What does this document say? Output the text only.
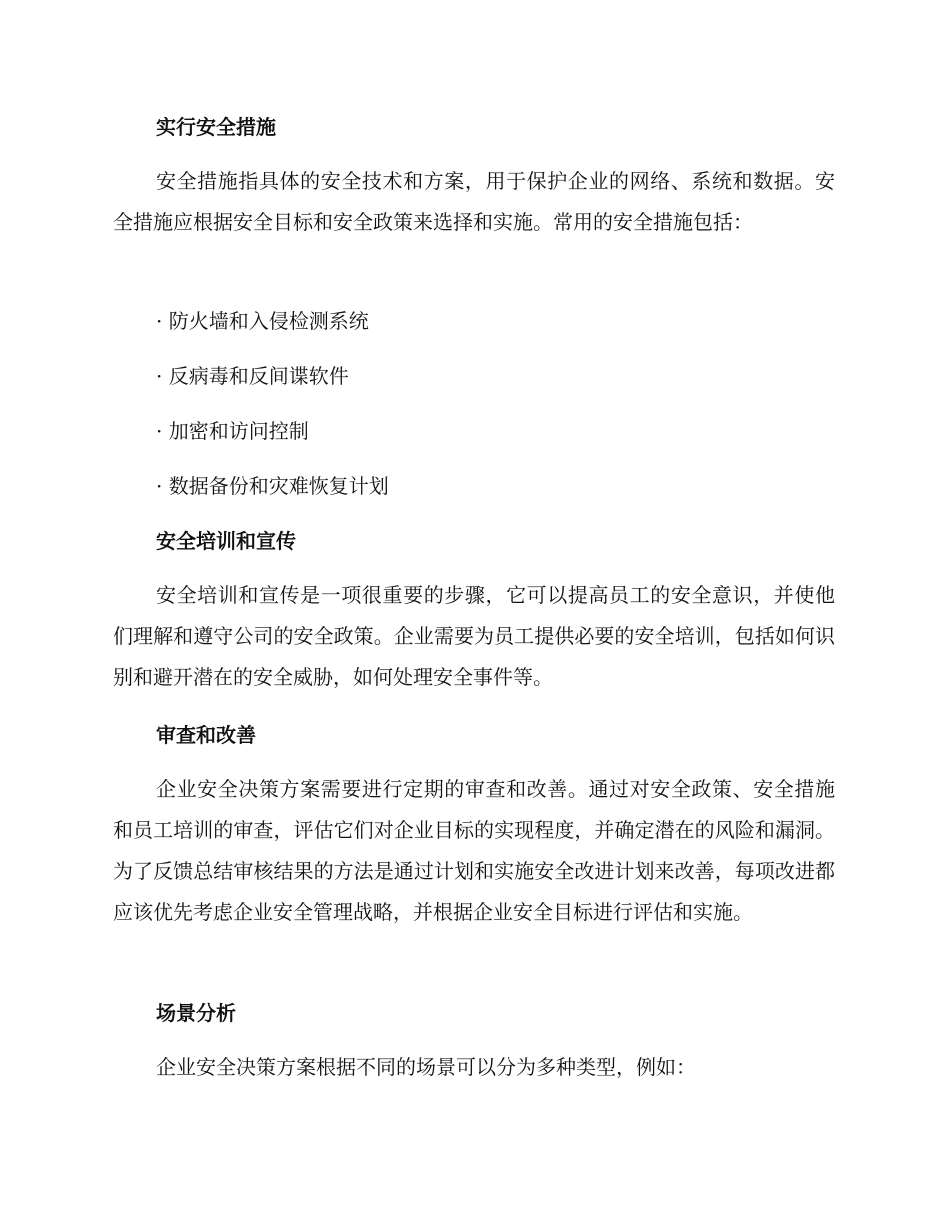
实行安全措施

安全措施指具体的安全技术和方案，用于保护企业的网络、系统和数据。安全措施应根据安全目标和安全政策来选择和实施。常用的安全措施包括：

· 防火墙和入侵检测系统

· 反病毒和反间谍软件

· 加密和访问控制

· 数据备份和灾难恢复计划

安全培训和宣传

安全培训和宣传是一项很重要的步骤，它可以提高员工的安全意识，并使他们理解和遵守公司的安全政策。企业需要为员工提供必要的安全培训，包括如何识别和避开潜在的安全威胁，如何处理安全事件等。

审查和改善

企业安全决策方案需要进行定期的审查和改善。通过对安全政策、安全措施和员工培训的审查，评估它们对企业目标的实现程度，并确定潜在的风险和漏洞。为了反馈总结审核结果的方法是通过计划和实施安全改进计划来改善，每项改进都应该优先考虑企业安全管理战略，并根据企业安全目标进行评估和实施。

场景分析

企业安全决策方案根据不同的场景可以分为多种类型，例如：
